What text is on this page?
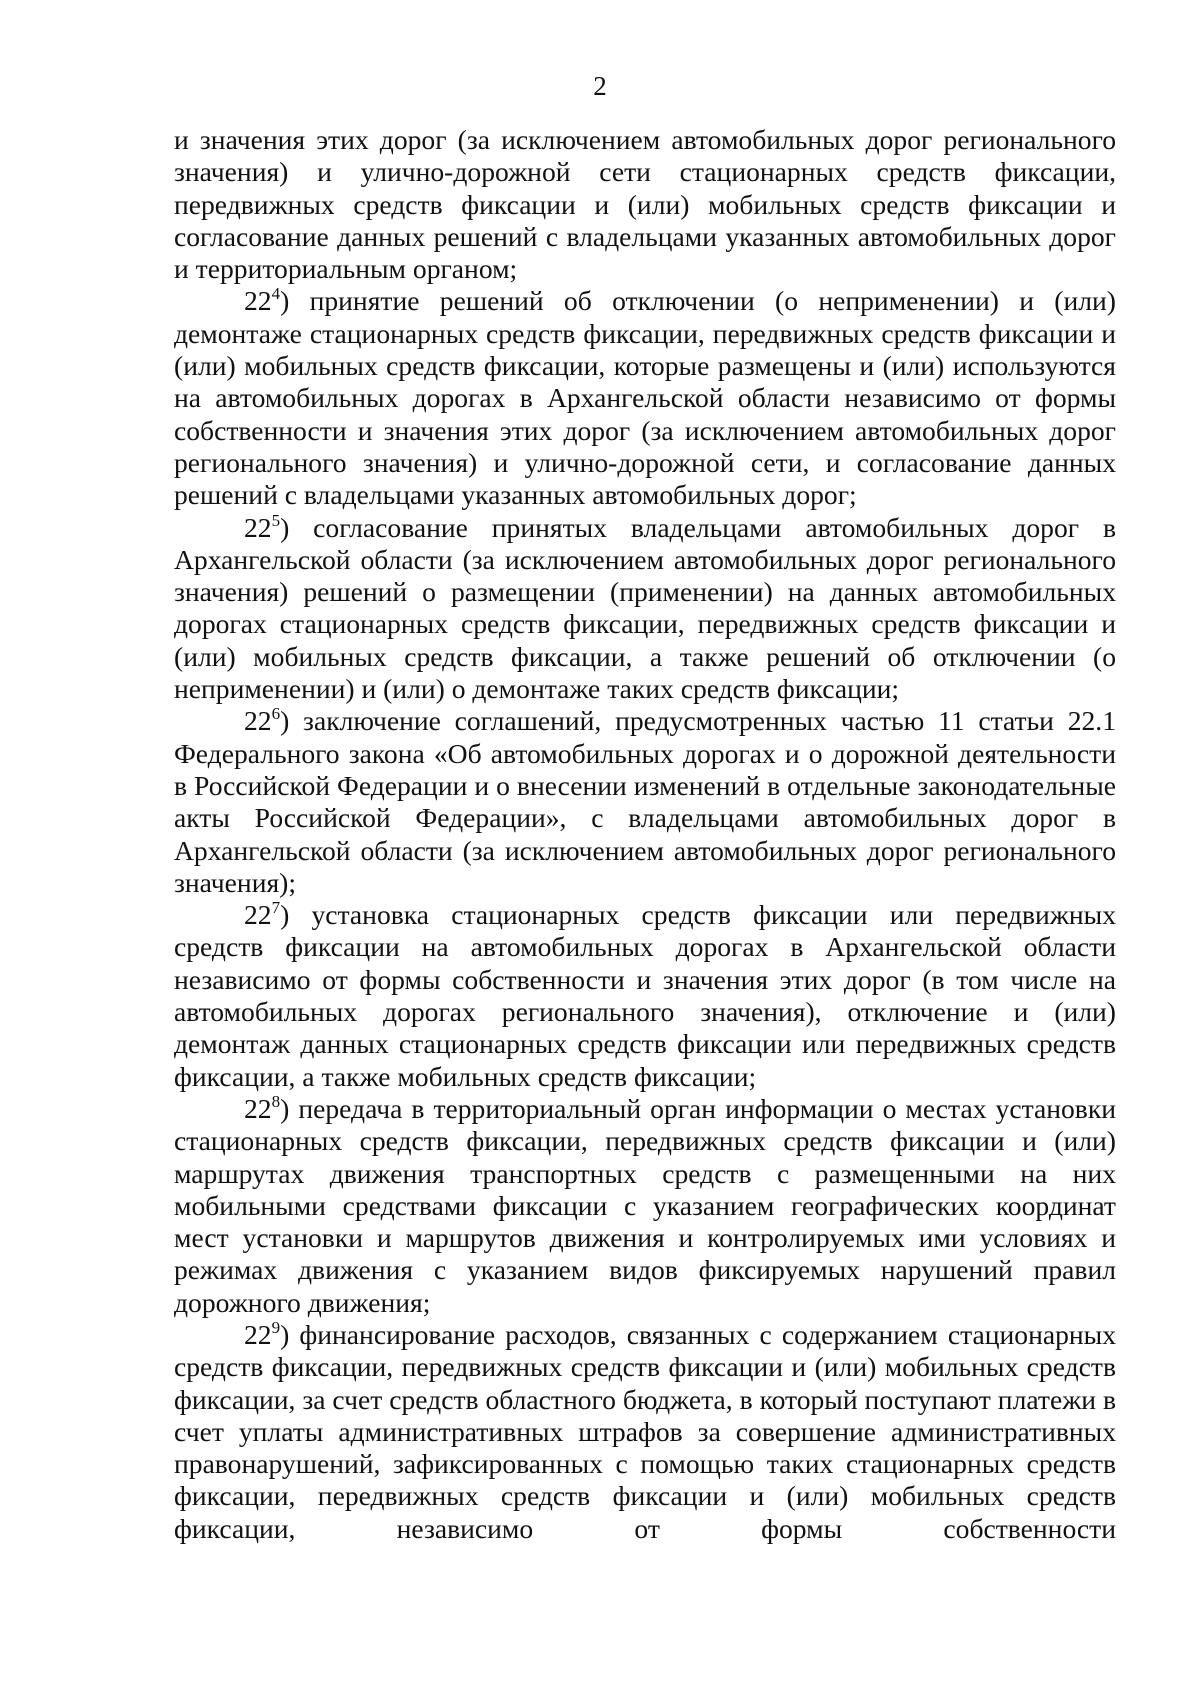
2

и значения этих дорог (за исключением автомобильных дорог регионального значения) и улично-дорожной сети стационарных средств фиксации, передвижных средств фиксации и (или) мобильных средств фиксации и согласование данных решений с владельцами указанных автомобильных дорог и территориальным органом;

$22^4$) принятие решений об отключении (о неприменении) и (или) демонтаже стационарных средств фиксации, передвижных средств фиксации и (или) мобильных средств фиксации, которые размещены и (или) используются на автомобильных дорогах в Архангельской области независимо от формы собственности и значения этих дорог (за исключением автомобильных дорог регионального значения) и улично-дорожной сети, и согласование данных решений с владельцами указанных автомобильных дорог;

$22^5$) согласование принятых владельцами автомобильных дорог в Архангельской области (за исключением автомобильных дорог регионального значения) решений о размещении (применении) на данных автомобильных дорогах стационарных средств фиксации, передвижных средств фиксации и (или) мобильных средств фиксации, а также решений об отключении (о неприменении) и (или) о демонтаже таких средств фиксации;

$22^6$) заключение соглашений, предусмотренных частью 11 статьи 22.1 Федерального закона «Об автомобильных дорогах и о дорожной деятельности в Российской Федерации и о внесении изменений в отдельные законодательные акты Российской Федерации», с владельцами автомобильных дорог в Архангельской области (за исключением автомобильных дорог регионального значения);

$22^7$) установка стационарных средств фиксации или передвижных средств фиксации на автомобильных дорогах в Архангельской области независимо от формы собственности и значения этих дорог (в том числе на автомобильных дорогах регионального значения), отключение и (или) демонтаж данных стационарных средств фиксации или передвижных средств фиксации, а также мобильных средств фиксации;

$22^8$) передача в территориальный орган информации о местах установки стационарных средств фиксации, передвижных средств фиксации и (или) маршрутах движения транспортных средств с размещенными на них мобильными средствами фиксации с указанием географических координат мест установки и маршрутов движения и контролируемых ими условиях и режимах движения с указанием видов фиксируемых нарушений правил дорожного движения;

$22^9$) финансирование расходов, связанных с содержанием стационарных средств фиксации, передвижных средств фиксации и (или) мобильных средств фиксации, за счет средств областного бюджета, в который поступают платежи в счет уплаты административных штрафов за совершение административных правонарушений, зафиксированных с помощью таких стационарных средств фиксации, передвижных средств фиксации и (или) мобильных средств фиксации, независимо от формы собственности
